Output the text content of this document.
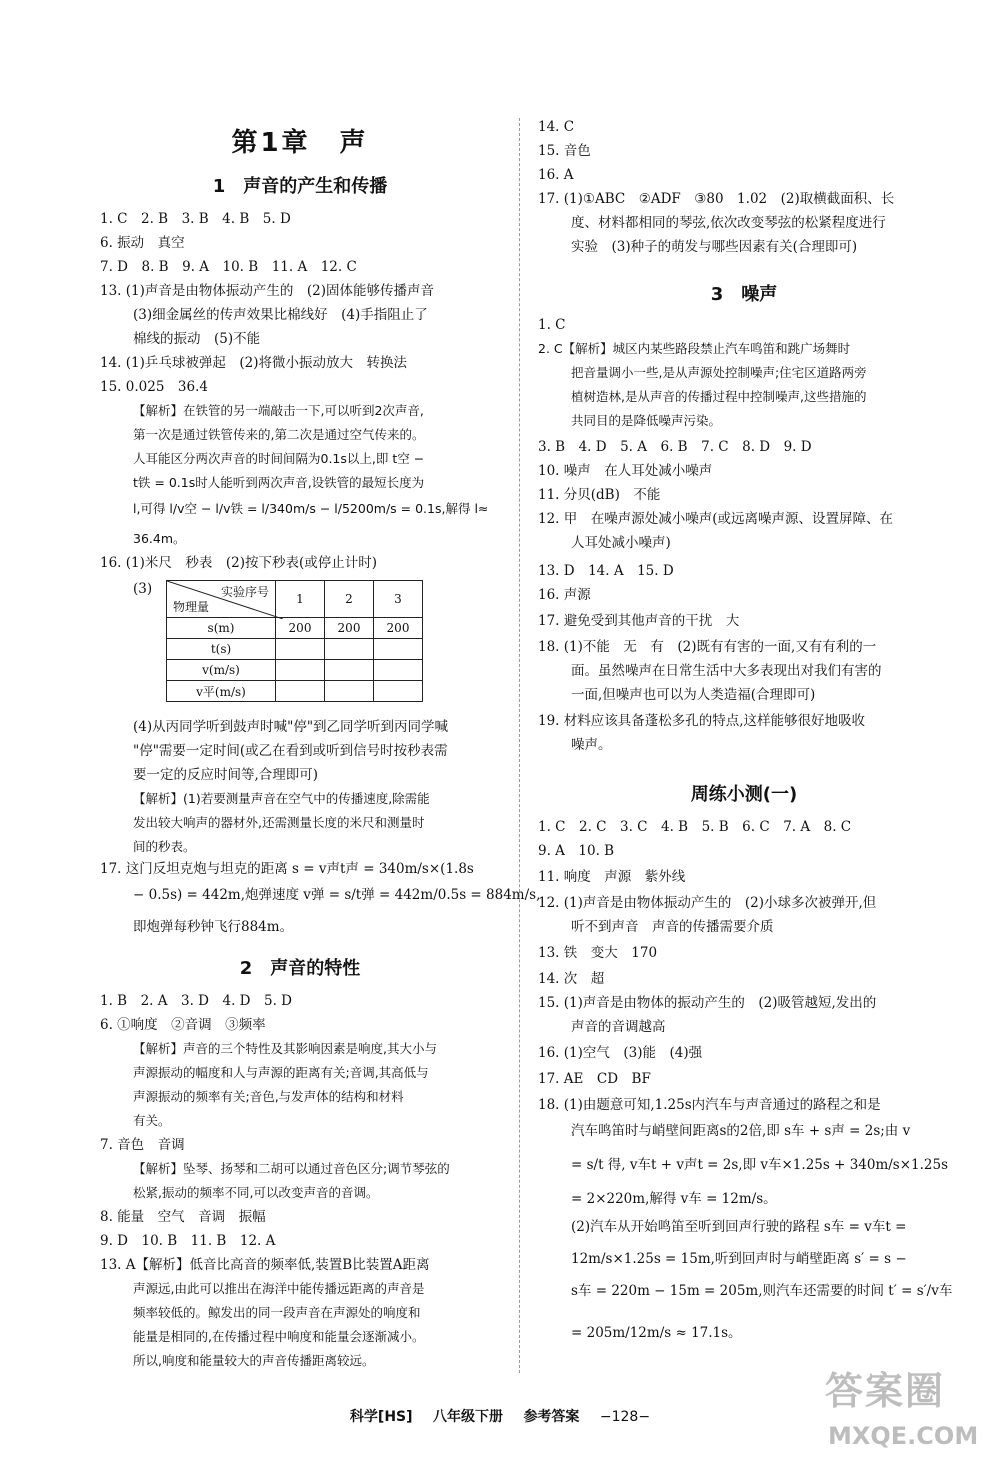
第1章　声
1　声音的产生和传播
1. C　2. B　3. B　4. B　5. D
6. 振动　真空
7. D　8. B　9. A　10. B　11. A　12. C
13. (1)声音是由物体振动产生的　(2)固体能够传播声音
(3)细金属丝的传声效果比棉线好　(4)手指阻止了
棉线的振动　(5)不能
14. (1)乒乓球被弹起　(2)将微小振动放大　转换法
15. 0.025　36.4
【解析】在铁管的另一端敲击一下,可以听到2次声音,
第一次是通过铁管传来的,第二次是通过空气传来的。
人耳能区分两次声音的时间间隔为0.1s以上,即 t空 −
t铁 = 0.1s时人能听到两次声音,设铁管的最短长度为
l,可得 l/v空 − l/v铁 = l/340m/s − l/5200m/s = 0.1s,解得 l≈
36.4m。
16. (1)米尺　秒表　(2)按下秒表(或停止计时)
(3)	实验序号
物理量	1	2	3
s(m)	200	200	200
t(s)			
v(m/s)			
v平(m/s)			
(4)从丙同学听到鼓声时喊"停"到乙同学听到丙同学喊
"停"需要一定时间(或乙在看到或听到信号时按秒表需
要一定的反应时间等,合理即可)
【解析】(1)若要测量声音在空气中的传播速度,除需能
发出较大响声的器材外,还需测量长度的米尺和测量时
间的秒表。
17. 这门反坦克炮与坦克的距离 s = v声t声 = 340m/s×(1.8s
− 0.5s) = 442m,炮弹速度 v弹 = s/t弹 = 442m/0.5s = 884m/s,
即炮弹每秒钟飞行884m。
2　声音的特性
1. B　2. A　3. D　4. D　5. D
6. ①响度　②音调　③频率
【解析】声音的三个特性及其影响因素是响度,其大小与
声源振动的幅度和人与声源的距离有关;音调,其高低与
声源振动的频率有关;音色,与发声体的结构和材料
有关。
7. 音色　音调
【解析】坠琴、扬琴和二胡可以通过音色区分;调节琴弦的
松紧,振动的频率不同,可以改变声音的音调。
8. 能量　空气　音调　振幅
9. D　10. B　11. B　12. A
13. A【解析】低音比高音的频率低,装置B比装置A距离
声源远,由此可以推出在海洋中能传播远距离的声音是
频率较低的。鲸发出的同一段声音在声源处的响度和
能量是相同的,在传播过程中响度和能量会逐渐减小。
所以,响度和能量较大的声音传播距离较远。
14. C
15. 音色
16. A
17. (1)①ABC　②ADF　③80　1.02　(2)取横截面积、长
度、材料都相同的琴弦,依次改变琴弦的松紧程度进行
实验　(3)种子的萌发与哪些因素有关(合理即可)
3　噪声
1. C
2. C【解析】城区内某些路段禁止汽车鸣笛和跳广场舞时
把音量调小一些,是从声源处控制噪声;住宅区道路两旁
植树造林,是从声音的传播过程中控制噪声,这些措施的
共同目的是降低噪声污染。
3. B　4. D　5. A　6. B　7. C　8. D　9. D
10. 噪声　在人耳处减小噪声
11. 分贝(dB)　不能
12. 甲　在噪声源处减小噪声(或远离噪声源、设置屏障、在
人耳处减小噪声)
13. D　14. A　15. D
16. 声源
17. 避免受到其他声音的干扰　大
18. (1)不能　无　有　(2)既有有害的一面,又有有利的一
面。虽然噪声在日常生活中大多表现出对我们有害的
一面,但噪声也可以为人类造福(合理即可)
19. 材料应该具备蓬松多孔的特点,这样能够很好地吸收
噪声。
周练小测(一)
1. C　2. C　3. C　4. B　5. B　6. C　7. A　8. C
9. A　10. B
11. 响度　声源　紫外线
12. (1)声音是由物体振动产生的　(2)小球多次被弹开,但
听不到声音　声音的传播需要介质
13. 铁　变大　170
14. 次　超
15. (1)声音是由物体的振动产生的　(2)吸管越短,发出的
声音的音调越高
16. (1)空气　(3)能　(4)强
17. AE　CD　BF
18. (1)由题意可知,1.25s内汽车与声音通过的路程之和是
汽车鸣笛时与峭壁间距离s的2倍,即 s车 + s声 = 2s;由 v
= s/t 得, v车t + v声t = 2s,即 v车×1.25s + 340m/s×1.25s
= 2×220m,解得 v车 = 12m/s。
(2)汽车从开始鸣笛至听到回声行驶的路程 s车 = v车t =
12m/s×1.25s = 15m,听到回声时与峭壁距离 s′ = s −
s车 = 220m − 15m = 205m,则汽车还需要的时间 t′ = s′/v车
= 205m/12m/s ≈ 17.1s。
科学[HS] 八年级下册 参考答案 −128−
答案圈
MXQE.COM
